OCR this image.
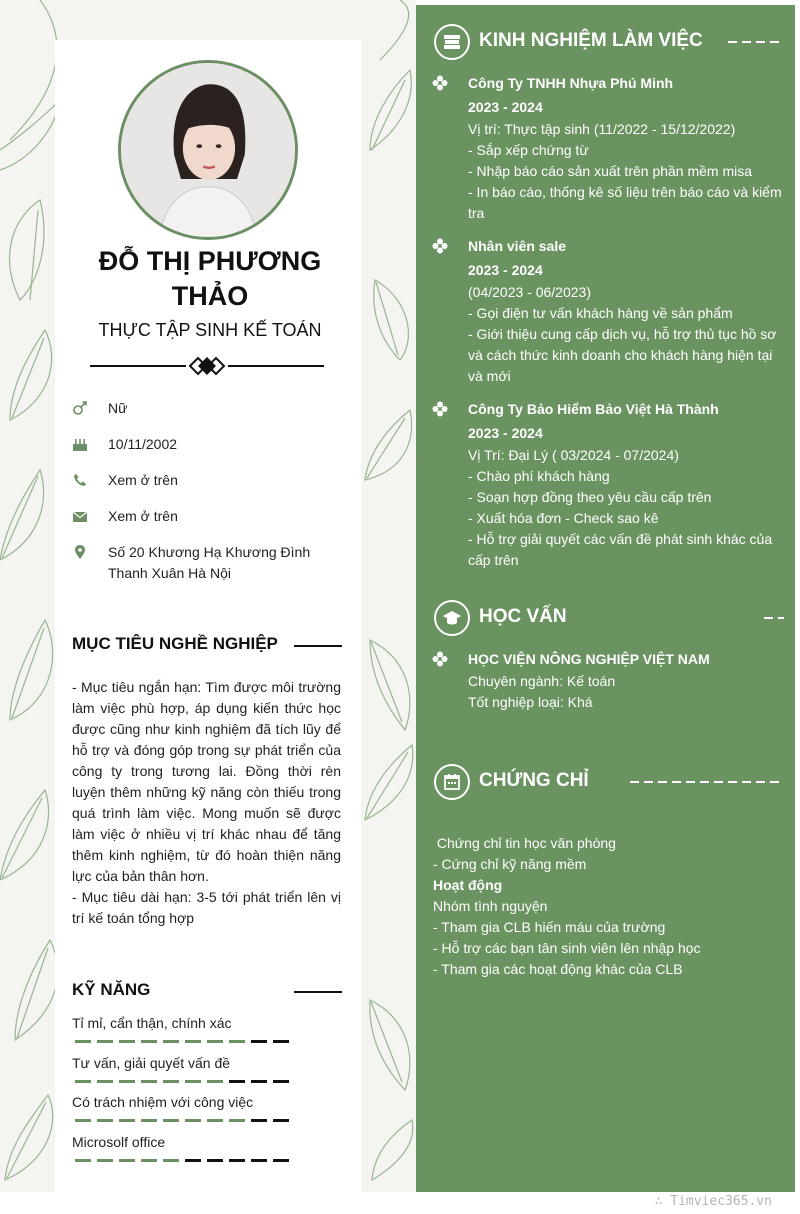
ĐỖ THỊ PHƯƠNG THẢO
THỰC TẬP SINH KẾ TOÁN
Nữ
10/11/2002
Xem ở trên
Xem ở trên
Số 20 Khương Hạ Khương Đình Thanh Xuân Hà Nội
MỤC TIÊU NGHỀ NGHIỆP

- Mục tiêu ngắn hạn: Tìm được môi trường làm việc phù hợp, áp dụng kiến thức học được cũng như kinh nghiệm đã tích lũy để hỗ trợ và đóng góp trong sự phát triển của công ty trong tương lai. Đồng thời rèn luyện thêm những kỹ năng còn thiếu trong quá trình làm việc. Mong muốn sẽ được làm việc ở nhiều vị trí khác nhau để tăng thêm kinh nghiệm, từ đó hoàn thiện năng lực của bản thân hơn.

- Mục tiêu dài hạn: 3-5 tới phát triển lên vị trí kế toán tổng hợp

KỸ NĂNG
Tỉ mỉ, cẩn thận, chính xác
Tư vấn, giải quyết vấn đề
Có trách nhiệm với công việc
Microsolf office
KINH NGHIỆM LÀM VIỆC
Công Ty TNHH Nhựa Phú Minh
2023 - 2024
Vị trí: Thực tập sinh (11/2022 - 15/12/2022)
- Sắp xếp chứng từ
- Nhập báo cáo sản xuất trên phần mềm misa
- In báo cáo, thống kê số liệu trên báo cáo và kiểm tra
Nhân viên sale
2023 - 2024
(04/2023 - 06/2023)
- Gọi điện tư vấn khách hàng về sản phẩm
- Giới thiệu cung cấp dịch vụ, hỗ trợ thủ tục hồ sơ và cách thức kinh doanh cho khách hàng hiện tại và mới
Công Ty Bảo Hiểm Bảo Việt Hà Thành
2023 - 2024
Vị Trí: Đại Lý ( 03/2024 - 07/2024)
- Chào phí khách hàng
- Soạn hợp đồng theo yêu cầu cấp trên
- Xuất hóa đơn - Check sao kê
- Hỗ trợ giải quyết các vấn đề phát sinh khác của cấp trên
HỌC VẤN
HỌC VIỆN NÔNG NGHIỆP VIỆT NAM
Chuyên ngành: Kế toán
Tốt nghiệp loại: Khá
CHỨNG CHỈ
Chứng chỉ tin học văn phòng
- Cứng chỉ kỹ năng mềm
Hoạt động
Nhóm tình nguyện
- Tham gia CLB hiến máu của trường
- Hỗ trợ các bạn tân sinh viên lên nhập học
- Tham gia các hoạt động khác của CLB
∴ Timviec365.vn
